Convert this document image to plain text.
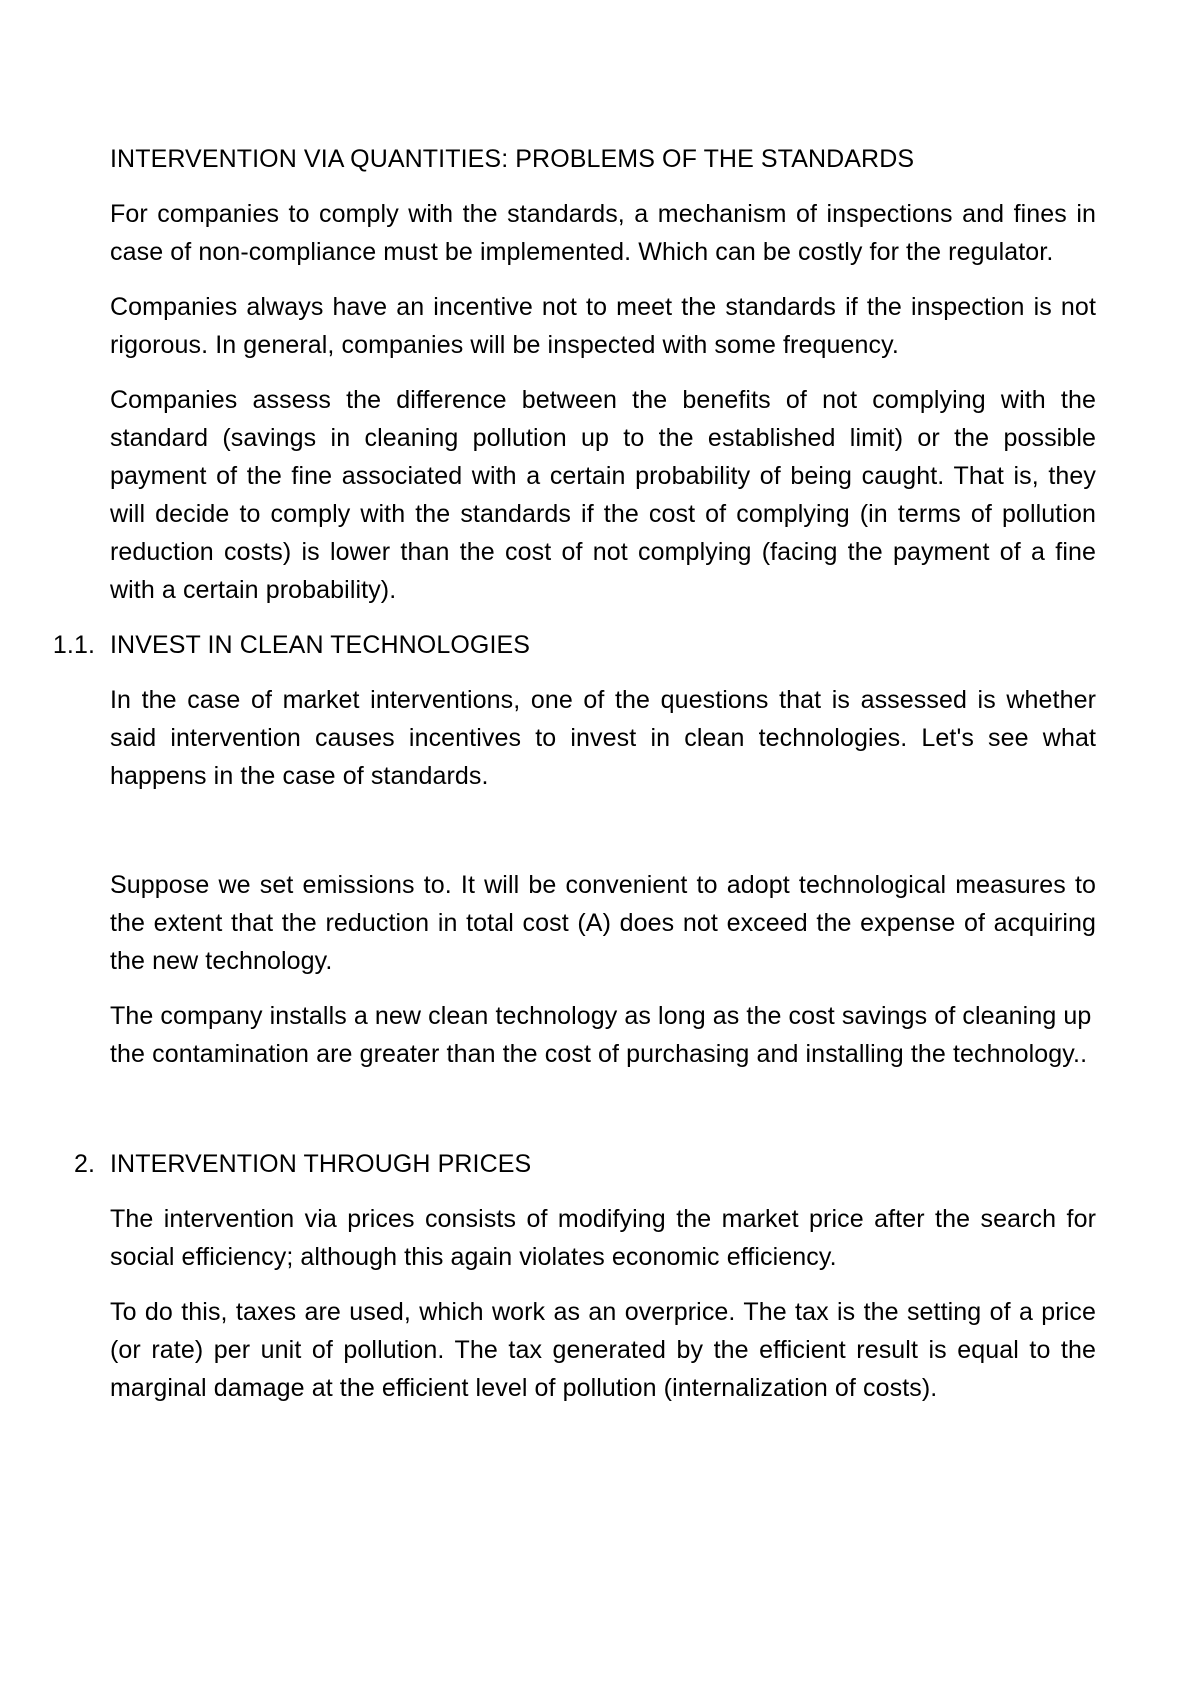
INTERVENTION VIA QUANTITIES: PROBLEMS OF THE STANDARDS

For companies to comply with the standards, a mechanism of inspections and fines in case of non-compliance must be implemented. Which can be costly for the regulator.

Companies always have an incentive not to meet the standards if the inspection is not rigorous. In general, companies will be inspected with some frequency.

Companies assess the difference between the benefits of not complying with the standard (savings in cleaning pollution up to the established limit) or the possible payment of the fine associated with a certain probability of being caught. That is, they will decide to comply with the standards if the cost of complying (in terms of pollution reduction costs) is lower than the cost of not complying (facing the payment of a fine with a certain probability).

1.1. INVEST IN CLEAN TECHNOLOGIES

In the case of market interventions, one of the questions that is assessed is whether said intervention causes incentives to invest in clean technologies. Let's see what happens in the case of standards.

Suppose we set emissions to. It will be convenient to adopt technological measures to the extent that the reduction in total cost (A) does not exceed the expense of acquiring the new technology.

The company installs a new clean technology as long as the cost savings of cleaning up the contamination are greater than the cost of purchasing and installing the technology..

2. INTERVENTION THROUGH PRICES

The intervention via prices consists of modifying the market price after the search for social efficiency; although this again violates economic efficiency.

To do this, taxes are used, which work as an overprice. The tax is the setting of a price (or rate) per unit of pollution. The tax generated by the efficient result is equal to the marginal damage at the efficient level of pollution (internalization of costs).
